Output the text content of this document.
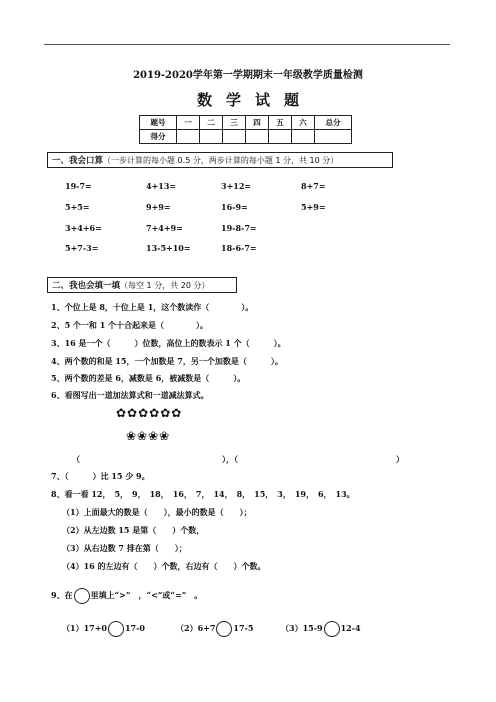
2019-2020学年第一学期期末一年级教学质量检测
数学试题
题号	一	二	三	四	五	六	总分
得分							
一、我会口算（一步计算的每小题 0.5 分，两步计算的每小题 1 分，共 10 分）
19-7=	4+13=	3+12=	8+7=
5+5=	9+9=	16-9=	5+9=
3+4+6=	7+4+9=	19-8-7=
5+7-3=	13-5+10=	18-6-7=
二、我也会填一填（每空 1 分，共 20 分）
1、个位上是 8，十位上是 1，这个数读作（　　　　）。
2、5 个一和 1 个十合起来是（　　　　）。
3、16 是一个（　　　）位数，高位上的数表示 1 个（　　　）。
4、两个数的和是 15，一个加数是 7，另一个加数是（　　　）。
5、两个数的差是 6，减数是 6，被减数是（　　　）。
6、看图写出一道加法算式和一道减法算式。
✿✿✿✿✿✿
❀❀❀❀
（	），（	）
7、（　　　）比 15 少 9。
8、看一看 12，　5，　9，　18，　16，　7，　14，　8，　15，　3，　19，　6，　13。
（1）上面最大的数是（　　），最小的数是（　　）；
（2）从左边数 15 是第（　　）个数，
（3）从右边数 7 排在第（　　）；
（4）16 的左边有（　　）个数，右边有（　　）个数。
9、在 里填上“>”　，“<”或“=”　。
（1）17+0 17-0	（2）6+7 17-5	（3）15-9 12-4
